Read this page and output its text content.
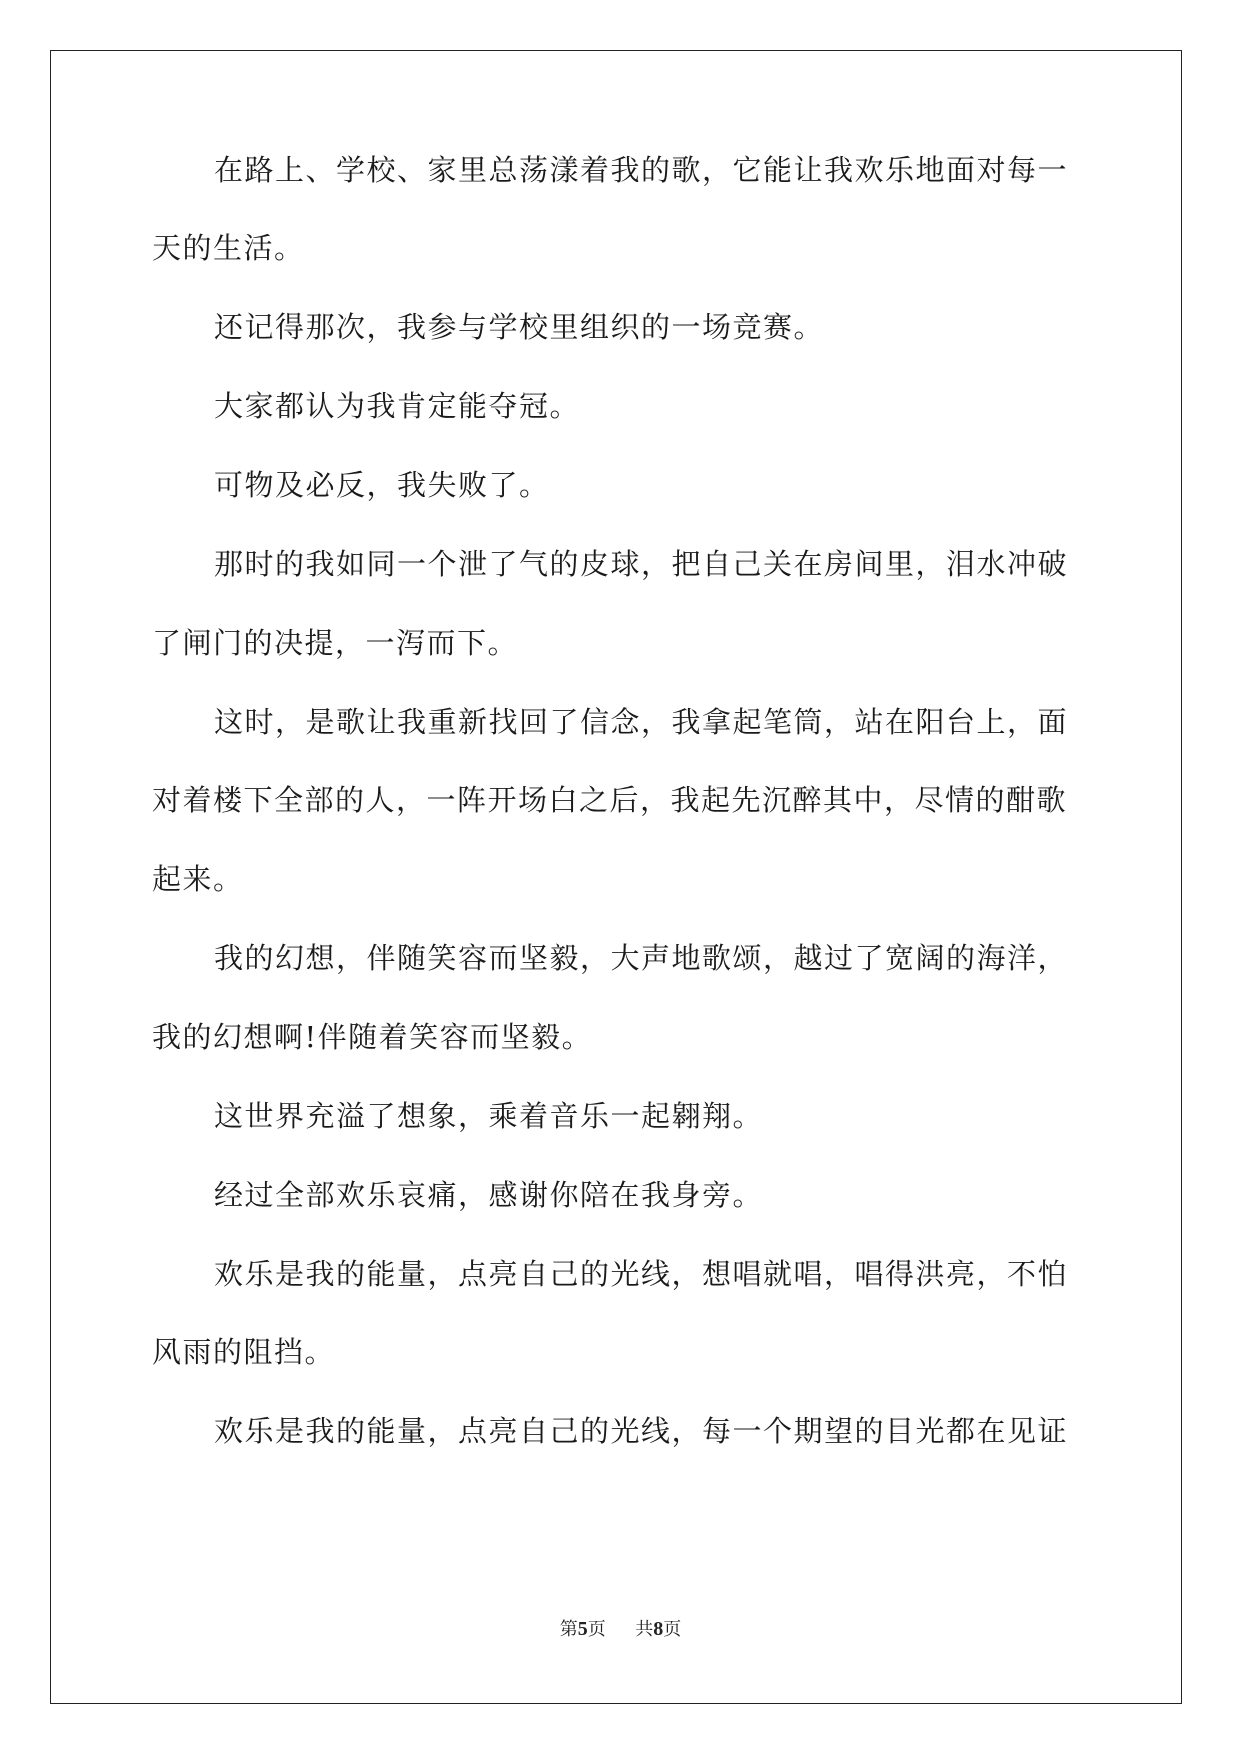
在路上、学校、家里总荡漾着我的歌，它能让我欢乐地面对每一
天的生活。
还记得那次，我参与学校里组织的一场竞赛。
大家都认为我肯定能夺冠。
可物及必反，我失败了。
那时的我如同一个泄了气的皮球，把自己关在房间里，泪水冲破
了闸门的决提，一泻而下。
这时，是歌让我重新找回了信念，我拿起笔筒，站在阳台上，面
对着楼下全部的人，一阵开场白之后，我起先沉醉其中，尽情的酣歌
起来。
我的幻想，伴随笑容而坚毅，大声地歌颂，越过了宽阔的海洋，
我的幻想啊!伴随着笑容而坚毅。
这世界充溢了想象，乘着音乐一起翱翔。
经过全部欢乐哀痛，感谢你陪在我身旁。
欢乐是我的能量，点亮自己的光线，想唱就唱，唱得洪亮，不怕
风雨的阻挡。
欢乐是我的能量，点亮自己的光线，每一个期望的目光都在见证
第5页 共8页
